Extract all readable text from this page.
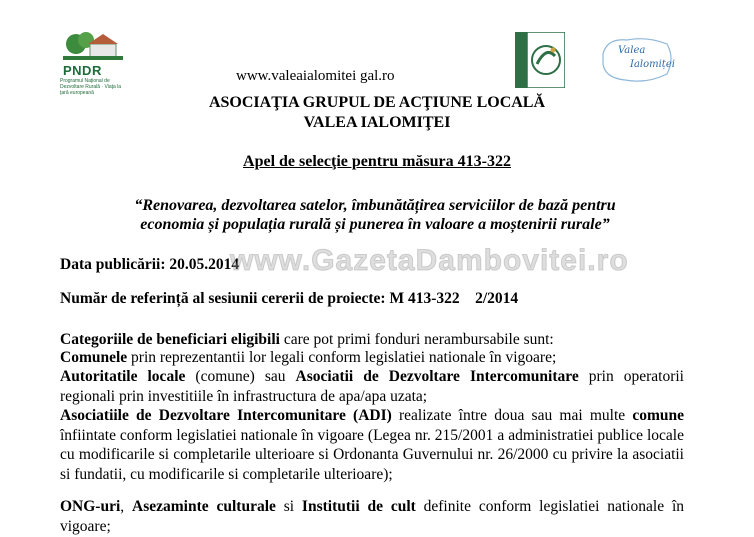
PNDR
Programul Naţional de Dezvoltare Rurală · Viaţa la ţară europeană
www.valeaialomitei gal.ro
Valea
Ialomiței
ASOCIAŢIA GRUPUL DE ACŢIUNE LOCALĂ
VALEA IALOMIŢEI
Apel de selecţie pentru măsura 413-322
“Renovarea, dezvoltarea satelor, îmbunătățirea serviciilor de bază pentru
economia și populația rurală și punerea în valoare a moștenirii rurale”
Data publicării: 20.05.2014
www.GazetaDambovitei.ro
Număr de referință al sesiunii cererii de proiecte: M 413-322 2/2014
Categoriile de beneficiari eligibili care pot primi fonduri nerambursabile sunt:
Comunele prin reprezentantii lor legali conform legislatiei nationale în vigoare;
Autoritatile locale (comune) sau Asociatii de Dezvoltare Intercomunitare prin operatorii regionali prin investitiile în infrastructura de apa/apa uzata;
Asociatiile de Dezvoltare Intercomunitare (ADI) realizate între doua sau mai multe comune înfiintate conform legislatiei nationale în vigoare (Legea nr. 215/2001 a administratiei publice locale cu modificarile si completarile ulterioare si Ordonanta Guvernului nr. 26/2000 cu privire la asociatii si fundatii, cu modificarile si completarile ulterioare);
ONG-uri, Asezaminte culturale si Institutii de cult definite conform legislatiei nationale în vigoare;
